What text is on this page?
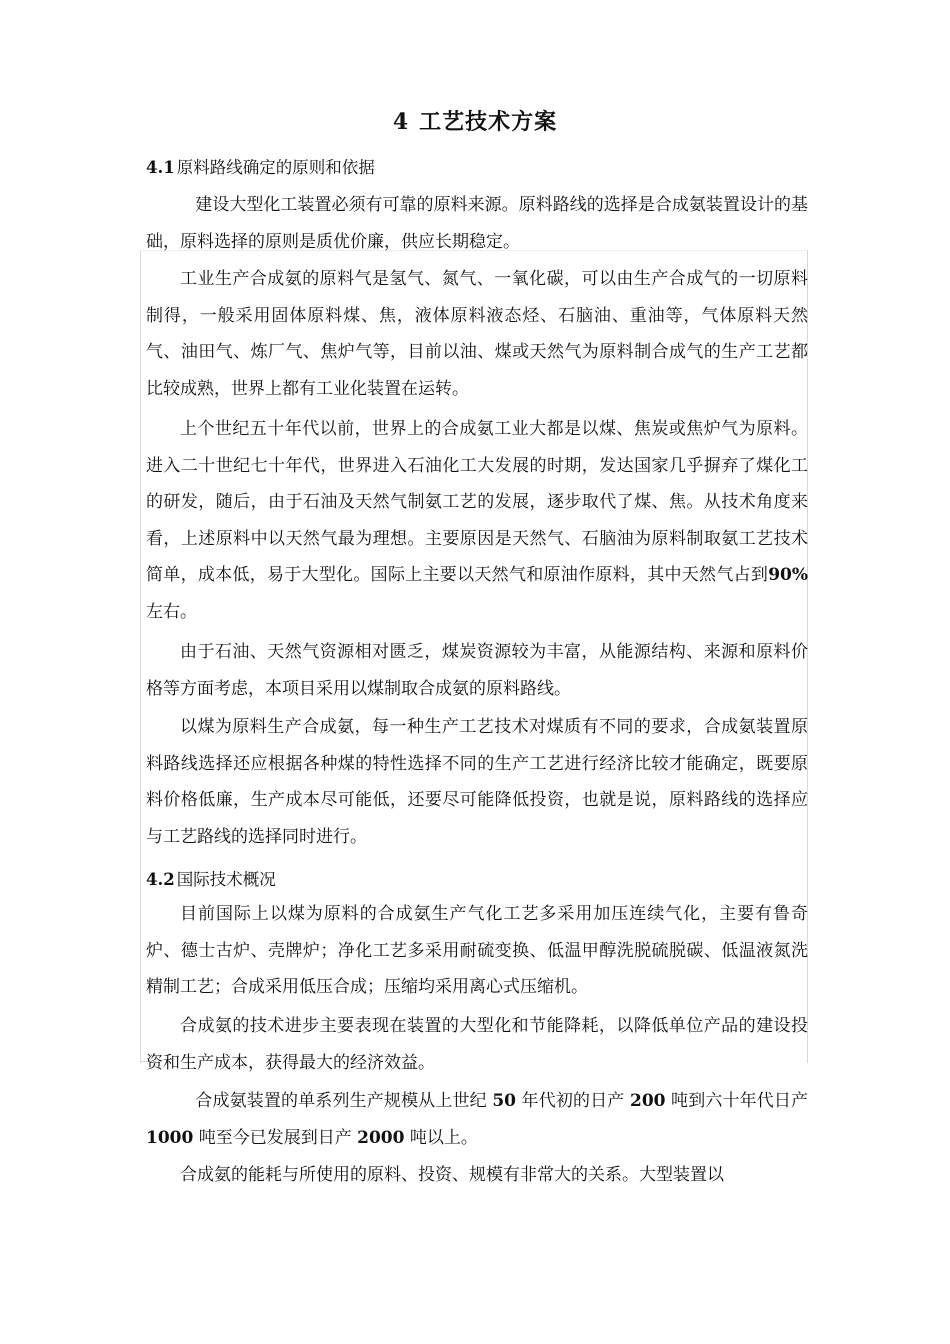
4 工艺技术方案
4.1 原料路线确定的原则和依据

建设大型化工装置必须有可靠的原料来源。原料路线的选择是合成氨装置设计的基础，原料选择的原则是质优价廉，供应长期稳定。

工业生产合成氨的原料气是氢气、氮气、一氧化碳，可以由生产合成气的一切原料制得，一般采用固体原料煤、焦，液体原料液态烃、石脑油、重油等，气体原料天然气、油田气、炼厂气、焦炉气等，目前以油、煤或天然气为原料制合成气的生产工艺都比较成熟，世界上都有工业化装置在运转。

上个世纪五十年代以前，世界上的合成氨工业大都是以煤、焦炭或焦炉气为原料。进入二十世纪七十年代，世界进入石油化工大发展的时期，发达国家几乎摒弃了煤化工的研发，随后，由于石油及天然气制氨工艺的发展，逐步取代了煤、焦。从技术角度来看，上述原料中以天然气最为理想。主要原因是天然气、石脑油为原料制取氨工艺技术简单，成本低，易于大型化。国际上主要以天然气和原油作原料，其中天然气占到90%左右。

由于石油、天然气资源相对匮乏，煤炭资源较为丰富，从能源结构、来源和原料价格等方面考虑，本项目采用以煤制取合成氨的原料路线。

以煤为原料生产合成氨，每一种生产工艺技术对煤质有不同的要求，合成氨装置原料路线选择还应根据各种煤的特性选择不同的生产工艺进行经济比较才能确定，既要原料价格低廉，生产成本尽可能低，还要尽可能降低投资，也就是说，原料路线的选择应与工艺路线的选择同时进行。

4.2 国际技术概况

目前国际上以煤为原料的合成氨生产气化工艺多采用加压连续气化，主要有鲁奇炉、德士古炉、壳牌炉；净化工艺多采用耐硫变换、低温甲醇洗脱硫脱碳、低温液氮洗精制工艺；合成采用低压合成；压缩均采用离心式压缩机。

合成氨的技术进步主要表现在装置的大型化和节能降耗，以降低单位产品的建设投资和生产成本，获得最大的经济效益。

合成氨装置的单系列生产规模从上世纪 50 年代初的日产 200 吨到六十年代日产 1000 吨至今已发展到日产 2000 吨以上。

合成氨的能耗与所使用的原料、投资、规模有非常大的关系。大型装置以
